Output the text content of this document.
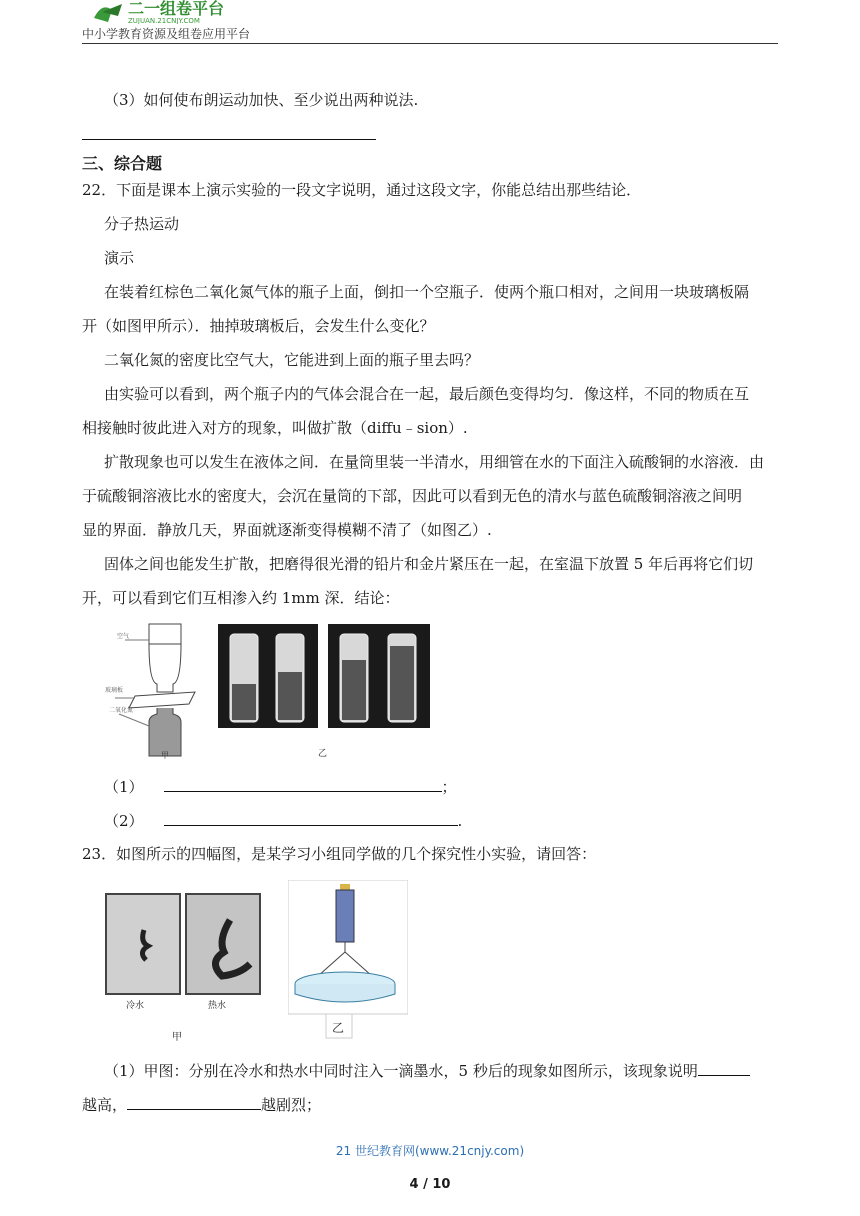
二一组卷平台
ZUJUAN.21CNJY.COM
中小学教育资源及组卷应用平台
（3）如何使布朗运动加快、至少说出两种说法.
三、综合题
22．下面是课本上演示实验的一段文字说明，通过这段文字，你能总结出那些结论．
分子热运动
演示
在装着红棕色二氧化氮气体的瓶子上面，倒扣一个空瓶子．使两个瓶口相对，之间用一块玻璃板隔
开（如图甲所示）．抽掉玻璃板后，会发生什么变化？
二氧化氮的密度比空气大，它能进到上面的瓶子里去吗？
由实验可以看到，两个瓶子内的气体会混合在一起，最后颜色变得均匀．像这样，不同的物质在互
相接触时彼此进入对方的现象，叫做扩散（diffu﹣sion）.
扩散现象也可以发生在液体之间．在量筒里装一半清水，用细管在水的下面注入硫酸铜的水溶液．由
于硫酸铜溶液比水的密度大，会沉在量筒的下部，因此可以看到无色的清水与蓝色硫酸铜溶液之间明
显的界面．静放几天，界面就逐渐变得模糊不清了（如图乙）.
固体之间也能发生扩散，把磨得很光滑的铅片和金片紧压在一起，在室温下放置 5 年后再将它们切
开，可以看到它们互相渗入约 1mm 深．结论：
空气
玻璃板
二氧化氮
甲	乙
（1）	；
（2）	.
23．如图所示的四幅图，是某学习小组同学做的几个探究性小实验，请回答：
冷水	热水
甲
乙
（1）甲图：分别在冷水和热水中同时注入一滴墨水，5 秒后的现象如图所示，该现象说明
越高，	越剧烈；
21 世纪教育网(www.21cnjy.com)
4 / 10
